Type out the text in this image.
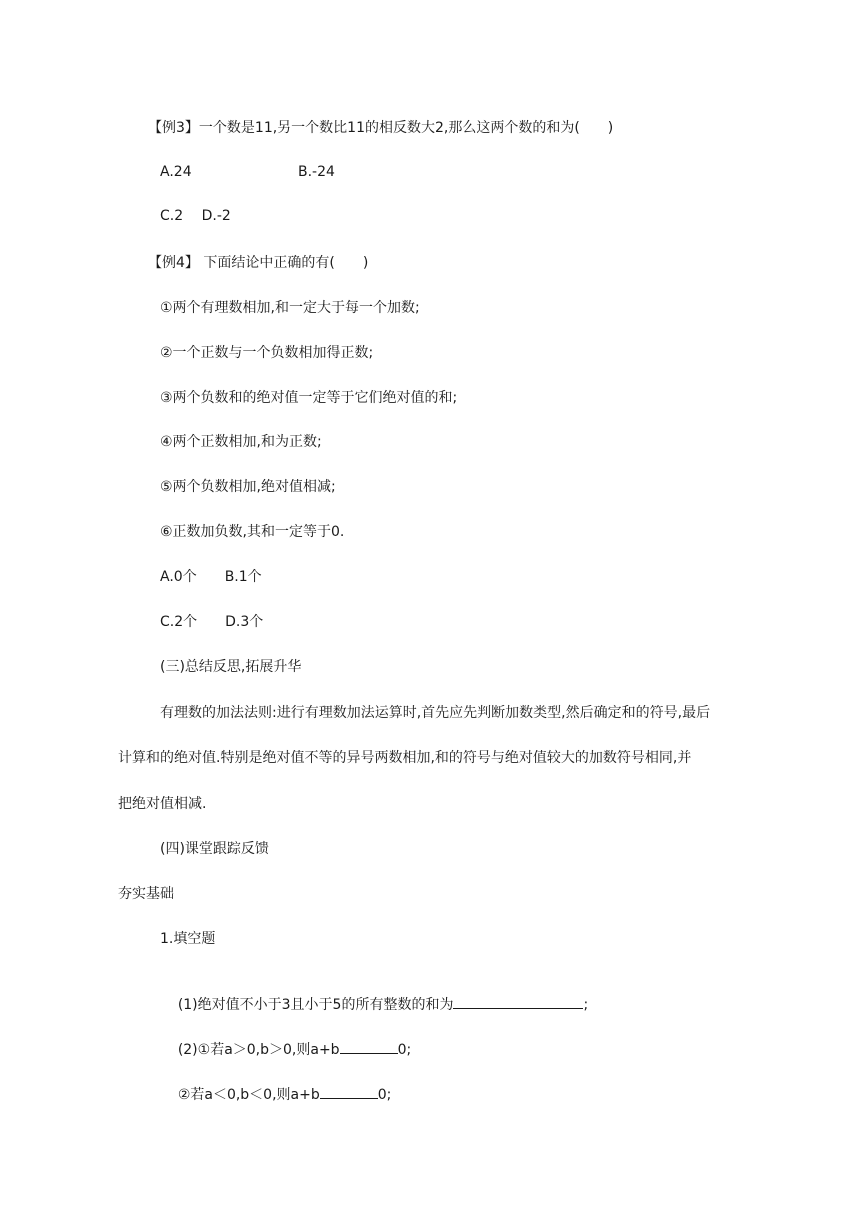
【例3】一个数是11,另一个数比11的相反数大2,那么这两个数的和为(　　)
A.24	B.-24
C.2　 D.-2
【例4】 下面结论中正确的有(　　)
①两个有理数相加,和一定大于每一个加数;
②一个正数与一个负数相加得正数;
③两个负数和的绝对值一定等于它们绝对值的和;
④两个正数相加,和为正数;
⑤两个负数相加,绝对值相减;
⑥正数加负数,其和一定等于0.
A.0个　　B.1个
C.2个　　D.3个
(三)总结反思,拓展升华
有理数的加法法则:进行有理数加法运算时,首先应先判断加数类型,然后确定和的符号,最后
计算和的绝对值.特别是绝对值不等的异号两数相加,和的符号与绝对值较大的加数符号相同,并
把绝对值相减.
(四)课堂跟踪反馈
夯实基础
1.填空题

(1)绝对值不小于3且小于5的所有整数的和为	;

(2)①若a＞0,b＞0,则a+b	0;

②若a＜0,b＜0,则a+b	0;
